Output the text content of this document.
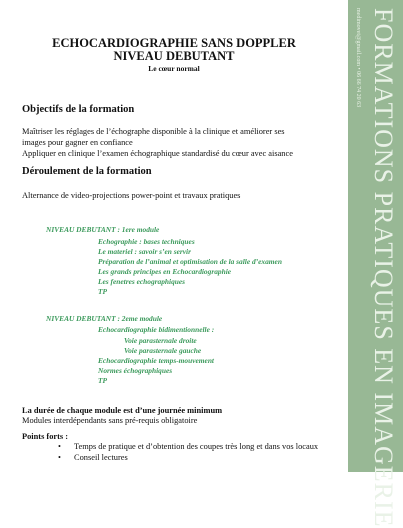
ECHOCARDIOGRAPHIE SANS DOPPLER
NIVEAU DEBUTANT
Le cœur normal
Objectifs de la formation
Maîtriser les réglages de l’échographe disponible à la clinique et améliorer ses
images pour gagner en confiance
Appliquer en clinique l’examen échographique standardisé du cœur avec aisance
Déroulement de la formation
Alternance de video-projections power-point et travaux pratiques
NIVEAU DEBUTANT : 1ere module
Echographie : bases techniques
Le materiel : savoir s’en servir
Préparation de l’animal et optimisation de la salle d’examen
Les grands principes en Echocardiographie
Les fenetres echographiques
TP
NIVEAU DEBUTANT : 2eme module
Echocardiographie bidimentionnelle :
Voie parasternale droite
Voie parasternale gauche
Echocardiographie temps-mouvement
Normes échographiques
TP
La durée de chaque module est d’une journée minimum
Modules interdépendants sans pré-requis obligatoire
Points forts :
• Temps de pratique et d’obtention des coupes très long et dans vos locaux
• Conseil lectures
medimovet@gmail.com • 06 66 74 20 63 FORMATIONS PRATIQUES EN IMAGERIE
